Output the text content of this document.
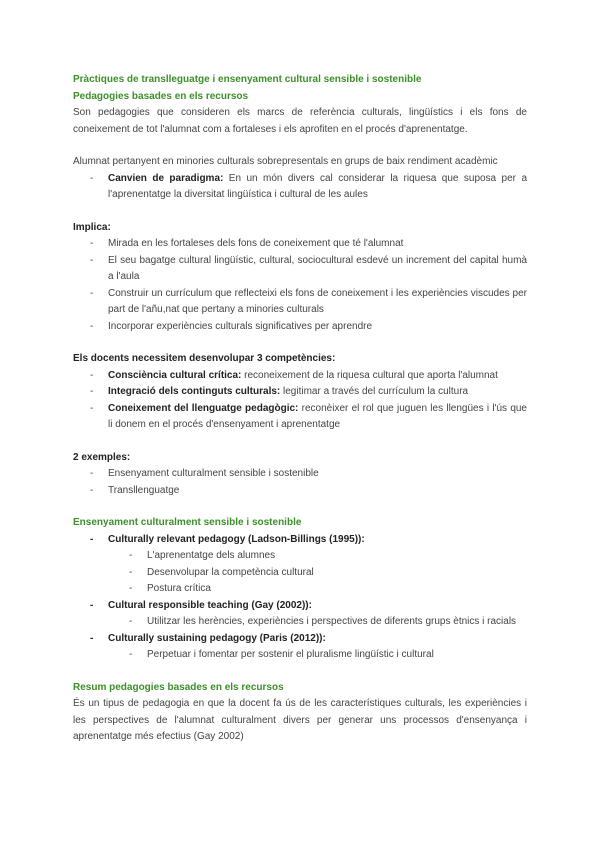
Pràctiques de translleguatge i ensenyament cultural sensible i sostenible

Pedagogies basades en els recursos

Son pedagogies que consideren els marcs de referència culturals, lingüístics i els fons de coneixement de tot l'alumnat com a fortaleses i els aprofiten en el procés d'aprenentatge.

Alumnat pertanyent en minories culturals sobrepresentals en grups de baix rendiment acadèmic

- Canvien de paradigma: En un món divers cal considerar la riquesa que suposa per a l'aprenentatge la diversitat lingüística i cultural de les aules

Implica:

- Mirada en les fortaleses dels fons de coneixement que té l'alumnat
- El seu bagatge cultural lingüístic, cultural, sociocultural esdevé un increment del capital humà a l'aula
- Construir un currículum que reflecteixi els fons de coneixement i les experiències viscudes per part de l'añu,nat que pertany a minories culturals
- Incorporar experiències culturals significatives per aprendre

Els docents necessitem desenvolupar 3 competències:

- Consciència cultural crítica: reconeixement de la riquesa cultural que aporta l'alumnat
- Integració dels continguts culturals: legitimar a través del currículum la cultura
- Coneixement del llenguatge pedagògic: reconèixer el rol que juguen les llengües i l'ús que li donem en el procés d'ensenyament i aprenentatge

2 exemples:

- Ensenyament culturalment sensible i sostenible
- Transllenguatge

Ensenyament culturalment sensible i sostenible

- Culturally relevant pedagogy (Ladson-Billings (1995)):
- L'aprenentatge dels alumnes
- Desenvolupar la competència cultural
- Postura crítica
- Cultural responsible teaching (Gay (2002)):
- Utilitzar les herències, experiències i perspectives de diferents grups ètnics i racials
- Culturally sustaining pedagogy (Paris (2012)):
- Perpetuar i fomentar per sostenir el pluralisme lingüístic i cultural

Resum pedagogies basades en els recursos

És un tipus de pedagogia en que la docent fa ús de les característiques culturals, les experiències i les perspectives de l'alumnat culturalment divers per generar uns processos d'ensenyança i aprenentatge més efectius (Gay 2002)
